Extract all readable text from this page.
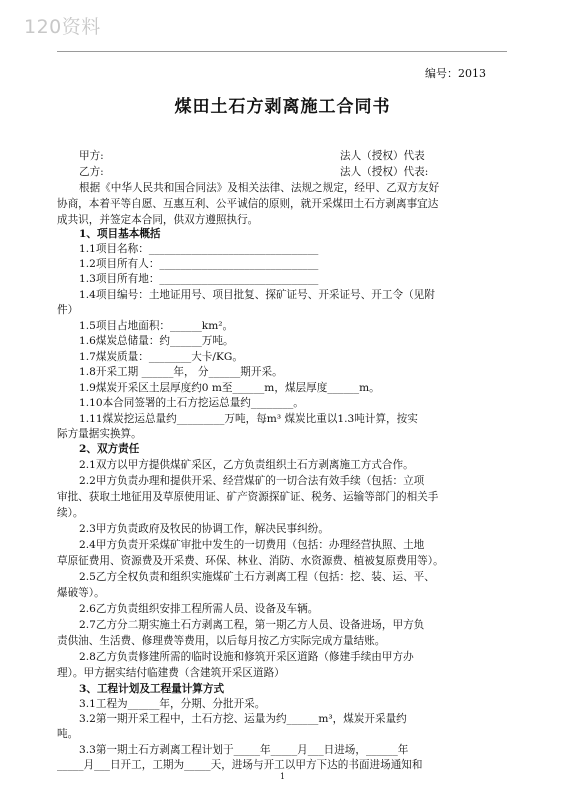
120资料
编号：2013
煤田土石方剥离施工合同书
甲方:	法人（授权）代表
乙方:	法人（授权）代表:
根据《中华人民共和国合同法》及相关法律、法规之规定，经甲、乙双方友好
协商，本着平等自愿、互惠互利、公平诚信的原则，就开采煤田土石方剥离事宜达
成共识，并签定本合同，供双方遵照执行。
1、项目基本概括
1.1项目名称：________________________________
1.2项目所有人：______________________________
1.3项目所有地：______________________________
1.4项目编号：土地证用号、项目批复、探矿证号、开采证号、开工令（见附
件）
1.5项目占地面积：______km²。
1.6煤炭总储量：约______万吨。
1.7煤炭质量：________大卡/KG。
1.8开采工期 ______年， 分______期开采。
1.9煤炭开采区土层厚度约0 m至______m，煤层厚度______m。
1.10本合同签署的土石方挖运总量约________。
1.11煤炭挖运总量约_________万吨，每m³ 煤炭比重以1.3吨计算，按实
际方量据实换算。
2、双方责任
2.1双方以甲方提供煤矿采区，乙方负责组织土石方剥离施工方式合作。
2.2甲方负责办理和提供开采、经营煤矿的一切合法有效手续（包括：立项
审批、获取土地征用及草原使用证、矿产资源探矿证、税务、运输等部门的相关手
续）。
2.3甲方负责政府及牧民的协调工作，解决民事纠纷。
2.4甲方负责开采煤矿审批中发生的一切费用（包括：办理经营执照、土地
草原征费用、资源费及开采费、环保、林业、消防、水资源费、植被复原费用等）。
2.5乙方全权负责和组织实施煤矿土石方剥离工程（包括：挖、装、运、平、
爆破等）。
2.6乙方负责组织安排工程所需人员、设备及车辆。
2.7乙方分二期实施土石方剥离工程，第一期乙方人员、设备进场，甲方负
责供油、生活费、修理费等费用，以后每月按乙方实际完成方量结账。
2.8乙方负责修建所需的临时设施和修筑开采区道路（修建手续由甲方办
理）。甲方据实结付临建费（含建筑开采区道路）
3、工程计划及工程量计算方式
3.1工程为______年，分期、分批开采。
3.2第一期开采工程中，土石方挖、运量为约______m³，煤炭开采量约
吨。
3.3第一期土石方剥离工程计划于_____年_____月___日进场，______年
_____月___日开工，工期为_____天，进场与开工以甲方下达的书面进场通知和
1
